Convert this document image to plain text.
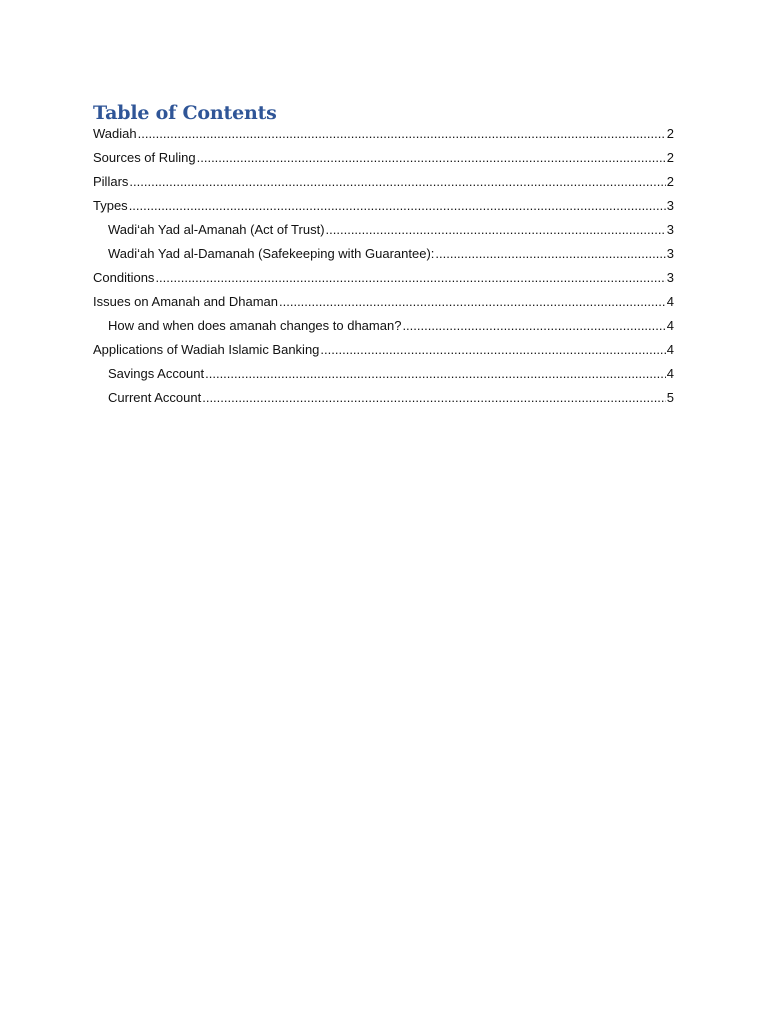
Table of Contents
Wadiah .....	2
Sources of Ruling .....	2
Pillars .....	2
Types .....	3
Wadi‘ah Yad al-Amanah (Act of Trust) .....	3
Wadi‘ah Yad al-Damanah (Safekeeping with Guarantee): .....	3
Conditions .....	3
Issues on Amanah and Dhaman .....	4
How and when does amanah changes to dhaman? .....	4
Applications of Wadiah Islamic Banking .....	4
Savings Account .....	4
Current Account .....	5
